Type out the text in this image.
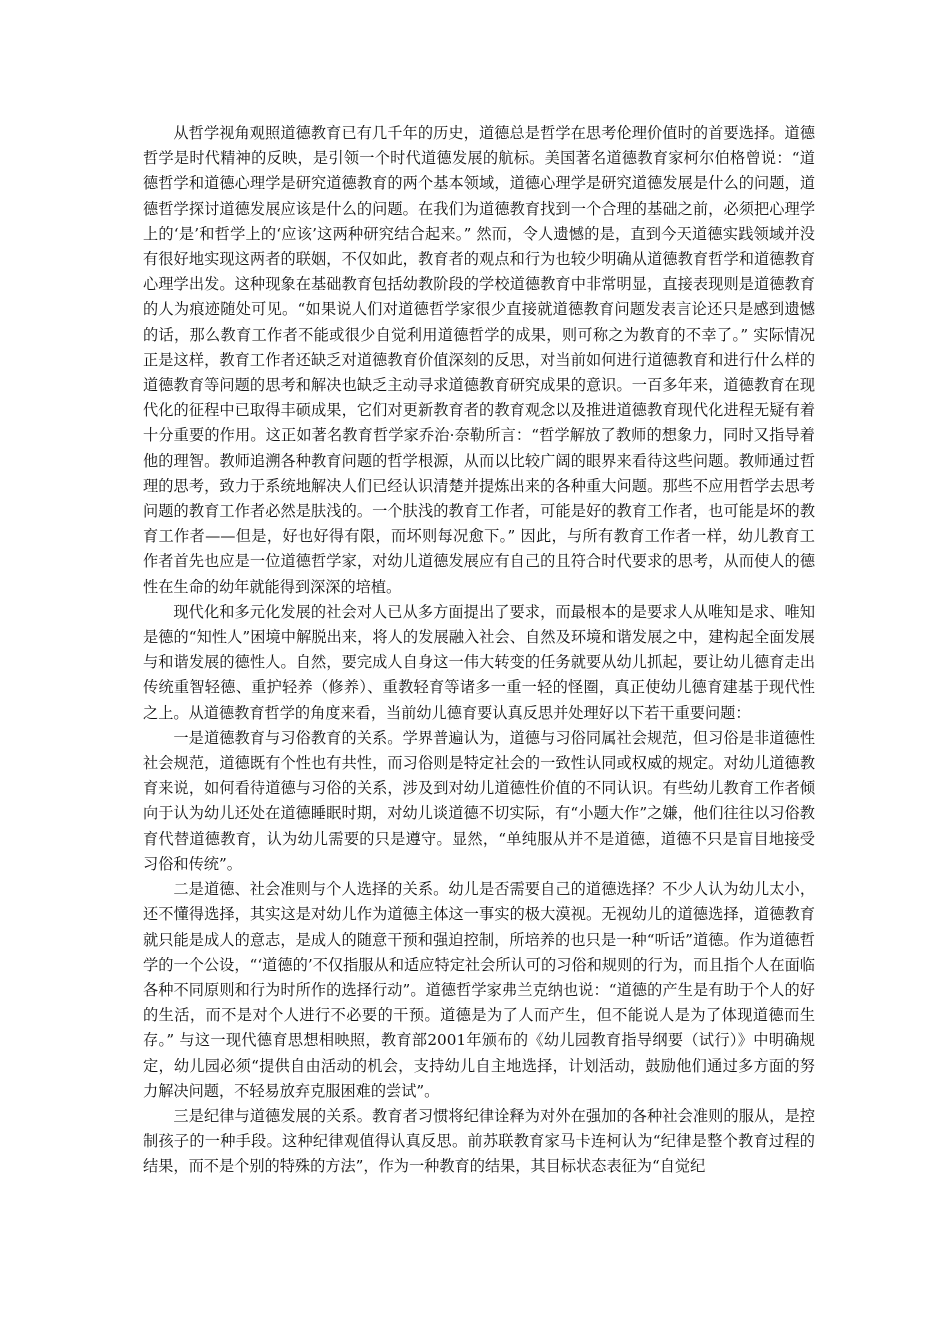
从哲学视角观照道德教育已有几千年的历史，道德总是哲学在思考伦理价值时的首要选择。道德哲学是时代精神的反映，是引领一个时代道德发展的航标。美国著名道德教育家柯尔伯格曾说：“道德哲学和道德心理学是研究道德教育的两个基本领域，道德心理学是研究道德发展是什么的问题，道德哲学探讨道德发展应该是什么的问题。在我们为道德教育找到一个合理的基础之前，必须把心理学上的‘是’和哲学上的‘应该’这两种研究结合起来。” 然而，令人遗憾的是，直到今天道德实践领域并没有很好地实现这两者的联姻，不仅如此，教育者的观点和行为也较少明确从道德教育哲学和道德教育心理学出发。这种现象在基础教育包括幼教阶段的学校道德教育中非常明显，直接表现则是道德教育的人为痕迹随处可见。“如果说人们对道德哲学家很少直接就道德教育问题发表言论还只是感到遗憾的话，那么教育工作者不能或很少自觉利用道德哲学的成果，则可称之为教育的不幸了。” 实际情况正是这样，教育工作者还缺乏对道德教育价值深刻的反思，对当前如何进行道德教育和进行什么样的道德教育等问题的思考和解决也缺乏主动寻求道德教育研究成果的意识。一百多年来，道德教育在现代化的征程中已取得丰硕成果，它们对更新教育者的教育观念以及推进道德教育现代化进程无疑有着十分重要的作用。这正如著名教育哲学家乔治·奈勒所言：“哲学解放了教师的想象力，同时又指导着他的理智。教师追溯各种教育问题的哲学根源，从而以比较广阔的眼界来看待这些问题。教师通过哲理的思考，致力于系统地解决人们已经认识清楚并提炼出来的各种重大问题。那些不应用哲学去思考问题的教育工作者必然是肤浅的。一个肤浅的教育工作者，可能是好的教育工作者，也可能是坏的教育工作者——但是，好也好得有限，而坏则每况愈下。” 因此，与所有教育工作者一样，幼儿教育工作者首先也应是一位道德哲学家，对幼儿道德发展应有自己的且符合时代要求的思考，从而使人的德性在生命的幼年就能得到深深的培植。

现代化和多元化发展的社会对人已从多方面提出了要求，而最根本的是要求人从唯知是求、唯知是德的“知性人”困境中解脱出来，将人的发展融入社会、自然及环境和谐发展之中，建构起全面发展与和谐发展的德性人。自然，要完成人自身这一伟大转变的任务就要从幼儿抓起，要让幼儿德育走出传统重智轻德、重护轻养（修养）、重教轻育等诸多一重一轻的怪圈，真正使幼儿德育建基于现代性之上。从道德教育哲学的角度来看，当前幼儿德育要认真反思并处理好以下若干重要问题：

一是道德教育与习俗教育的关系。学界普遍认为，道德与习俗同属社会规范，但习俗是非道德性社会规范，道德既有个性也有共性，而习俗则是特定社会的一致性认同或权威的规定。对幼儿道德教育来说，如何看待道德与习俗的关系，涉及到对幼儿道德性价值的不同认识。有些幼儿教育工作者倾向于认为幼儿还处在道德睡眠时期，对幼儿谈道德不切实际，有“小题大作”之嫌，他们往往以习俗教育代替道德教育，认为幼儿需要的只是遵守。显然，“单纯服从并不是道德，道德不只是盲目地接受习俗和传统”。

二是道德、社会准则与个人选择的关系。幼儿是否需要自己的道德选择？不少人认为幼儿太小，还不懂得选择，其实这是对幼儿作为道德主体这一事实的极大漠视。无视幼儿的道德选择，道德教育就只能是成人的意志，是成人的随意干预和强迫控制，所培养的也只是一种“听话”道德。作为道德哲学的一个公设，“‘道德的’不仅指服从和适应特定社会所认可的习俗和规则的行为，而且指个人在面临各种不同原则和行为时所作的选择行动”。道德哲学家弗兰克纳也说：“道德的产生是有助于个人的好的生活，而不是对个人进行不必要的干预。道德是为了人而产生，但不能说人是为了体现道德而生存。” 与这一现代德育思想相映照，教育部2001年颁布的《幼儿园教育指导纲要（试行）》中明确规定，幼儿园必须“提供自由活动的机会，支持幼儿自主地选择，计划活动，鼓励他们通过多方面的努力解决问题，不轻易放弃克服困难的尝试”。

三是纪律与道德发展的关系。教育者习惯将纪律诠释为对外在强加的各种社会准则的服从，是控制孩子的一种手段。这种纪律观值得认真反思。前苏联教育家马卡连柯认为“纪律是整个教育过程的结果，而不是个别的特殊的方法”，作为一种教育的结果，其目标状态表征为“自觉纪
